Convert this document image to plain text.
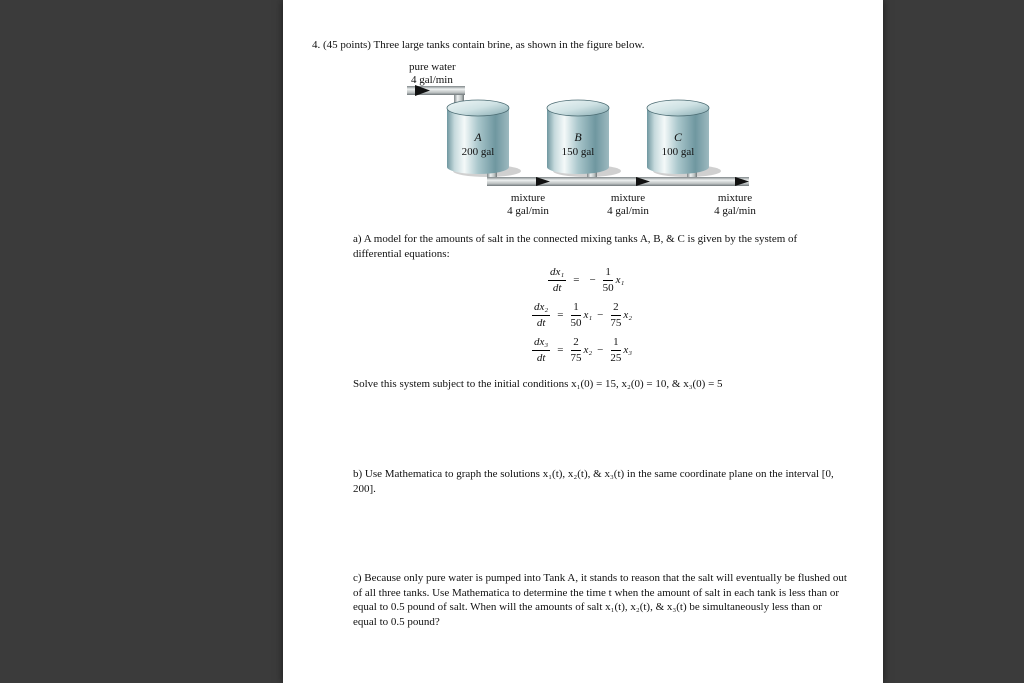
4. (45 points) Three large tanks contain brine, as shown in the figure below.

A
200 gal
B
150 gal
C
100 gal
pure water
4 gal/min
mixture
4 gal/min
mixture
4 gal/min
mixture
4 gal/min

a) A model for the amounts of salt in the connected mixing tanks A, B, & C is given by the system of differential equations:

$\frac{\text{dx₁}}{dt}$ = − $\frac{1}{50} x_1$
$\frac{\text{dx₂}}{dt} = \frac{1}{50} x_1 - \frac{2}{75} x_2$
$\frac{\text{dx₃}}{dt} = \frac{2}{75} x_2 - \frac{1}{25} x_3$

Solve this system subject to the initial conditions x₁(0) = 15, x₂(0) = 10, & x₃(0) = 5

b) Use Mathematica to graph the solutions x₁(t), x₂(t), & x₃(t) in the same coordinate plane on the interval [0, 200].

c) Because only pure water is pumped into Tank A, it stands to reason that the salt will eventually be flushed out of all three tanks. Use Mathematica to determine the time t when the amount of salt in each tank is less than or equal to 0.5 pound of salt. When will the amounts of salt x₁(t), x₂(t), & x₃(t) be simultaneously less than or equal to 0.5 pound?
